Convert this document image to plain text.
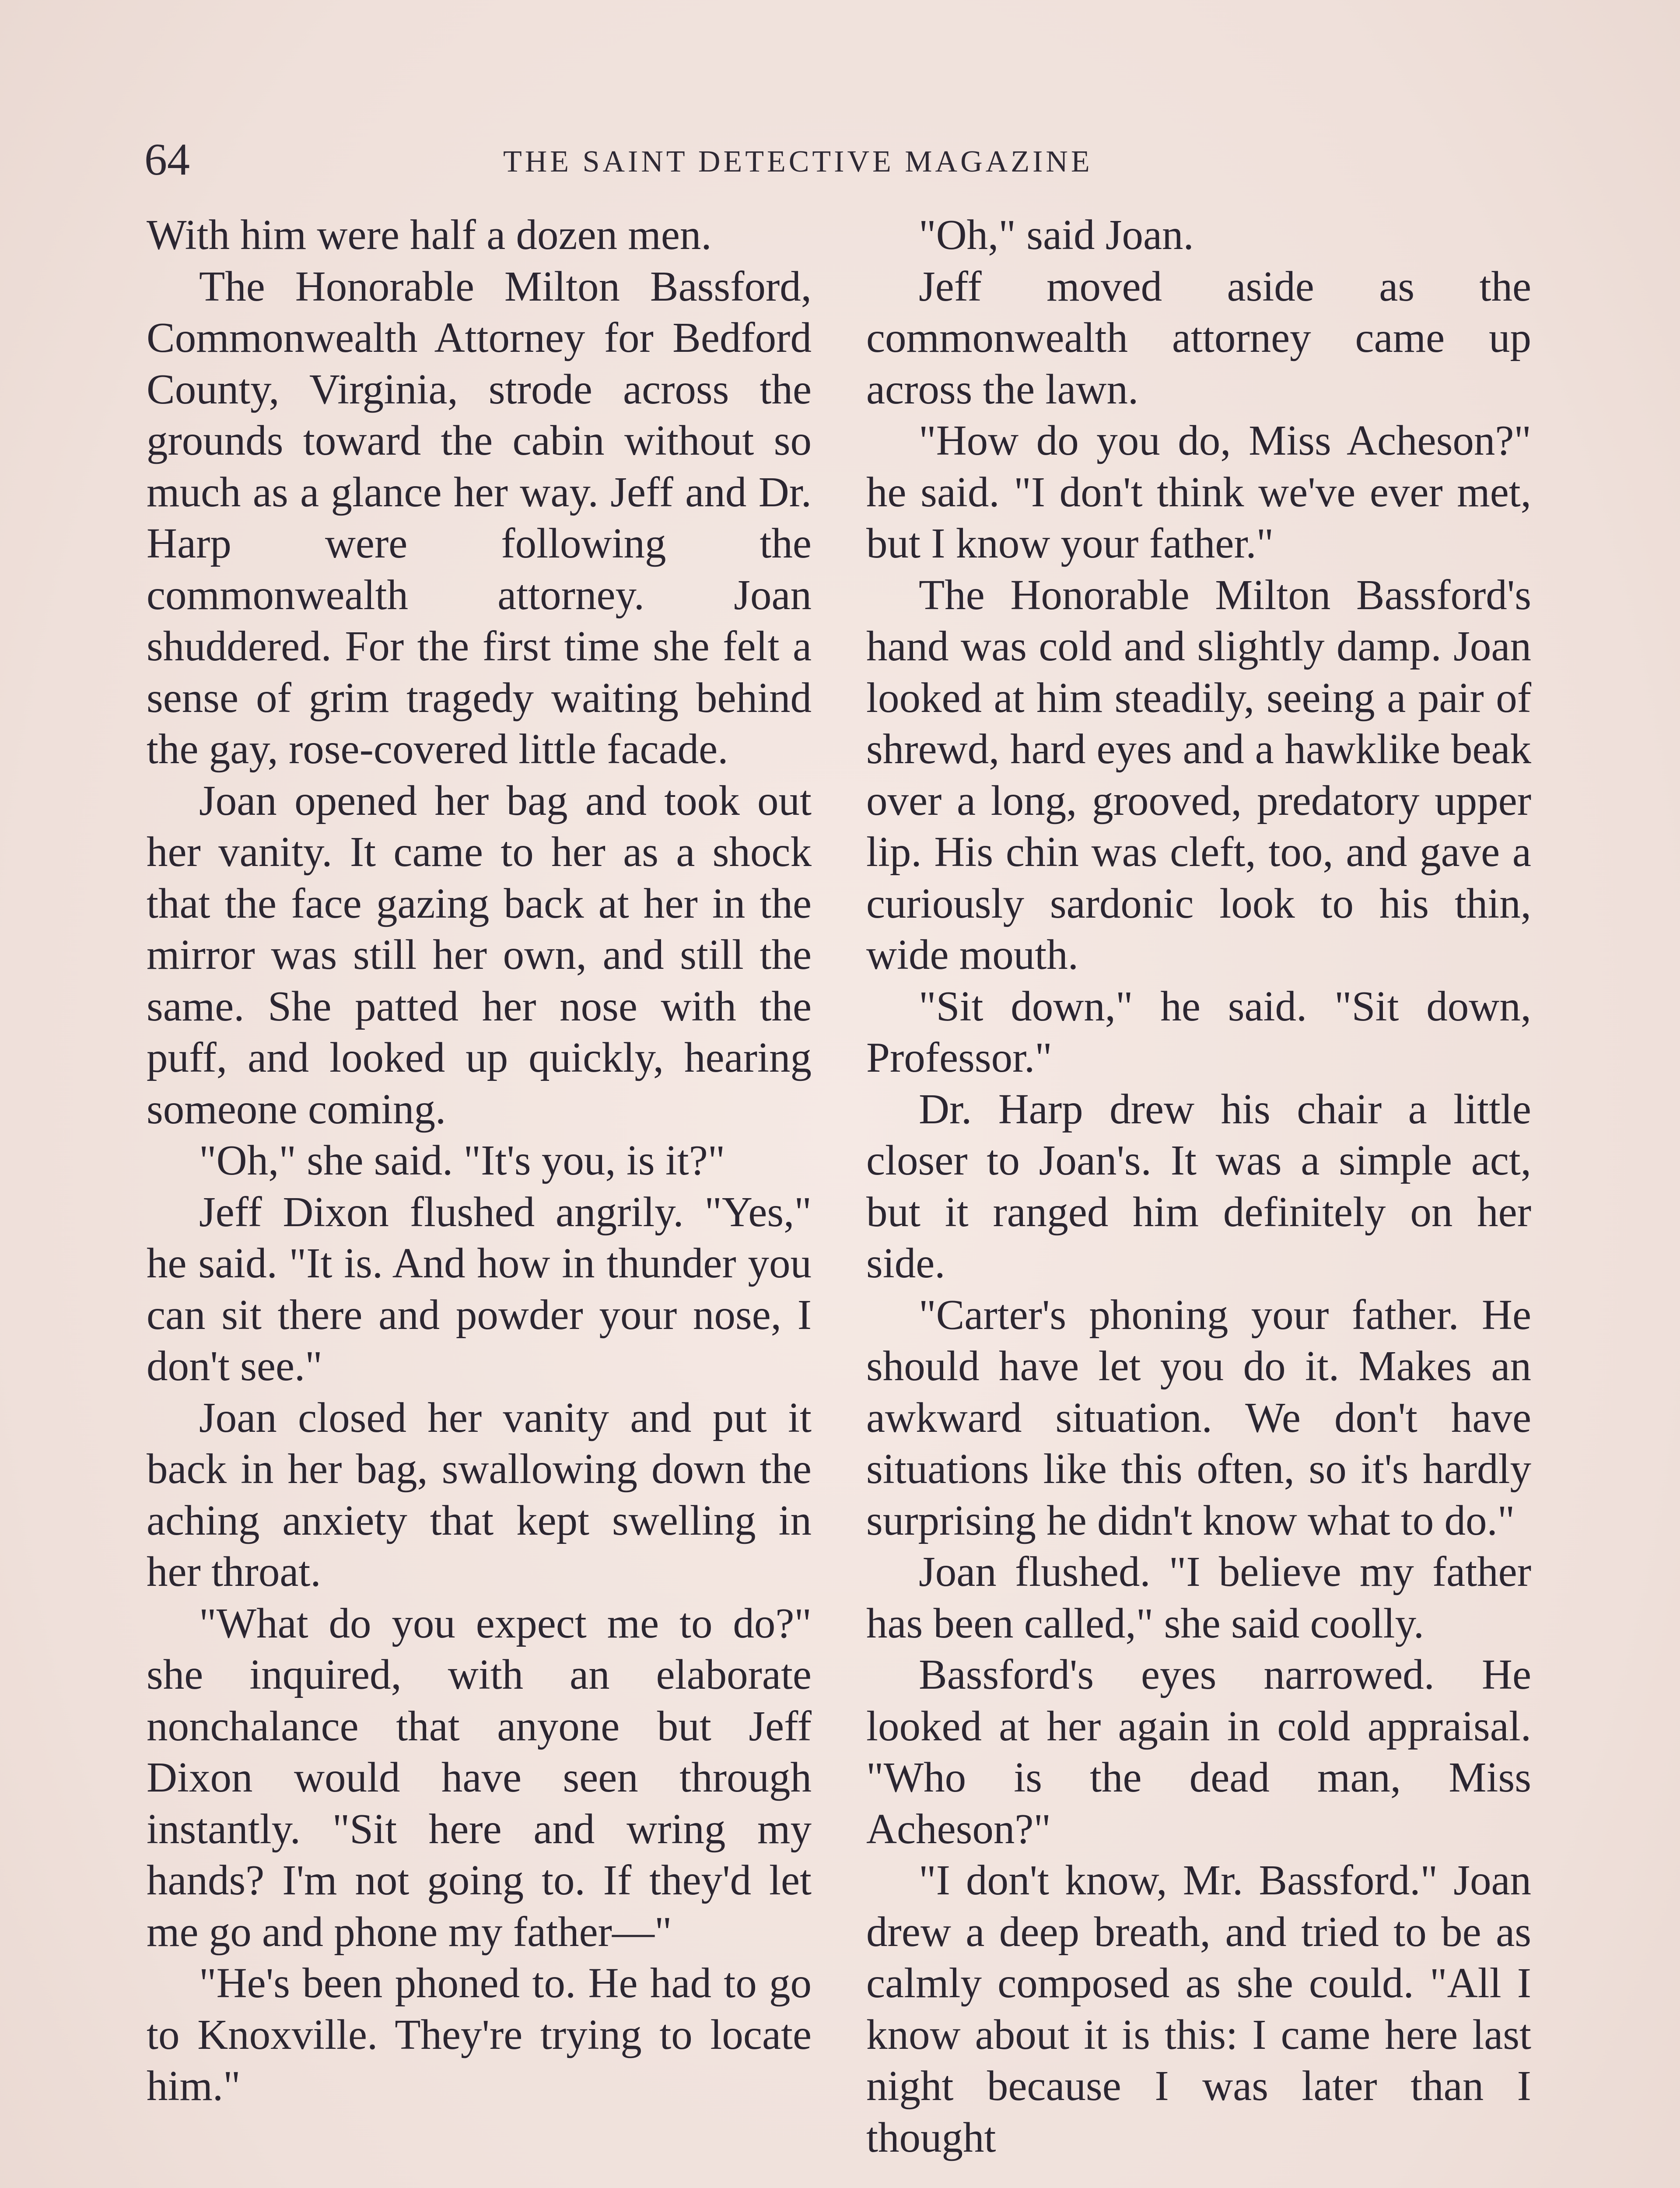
64	THE SAINT DETECTIVE MAGAZINE

With him were half a dozen men.

The Honorable Milton Bassford, Commonwealth Attorney for Bedford County, Virginia, strode across the grounds toward the cabin without so much as a glance her way. Jeff and Dr. Harp were following the commonwealth attorney. Joan shuddered. For the first time she felt a sense of grim tragedy waiting behind the gay, rose-covered little facade.

Joan opened her bag and took out her vanity. It came to her as a shock that the face gazing back at her in the mirror was still her own, and still the same. She patted her nose with the puff, and looked up quickly, hearing someone coming.

"Oh," she said. "It's you, is it?"

Jeff Dixon flushed angrily. "Yes," he said. "It is. And how in thunder you can sit there and powder your nose, I don't see."

Joan closed her vanity and put it back in her bag, swallowing down the aching anxiety that kept swelling in her throat.

"What do you expect me to do?" she inquired, with an elaborate nonchalance that anyone but Jeff Dixon would have seen through instantly. "Sit here and wring my hands? I'm not going to. If they'd let me go and phone my father—"

"He's been phoned to. He had to go to Knoxville. They're trying to locate him."

"Oh," said Joan.

Jeff moved aside as the commonwealth attorney came up across the lawn.

"How do you do, Miss Acheson?" he said. "I don't think we've ever met, but I know your father."

The Honorable Milton Bassford's hand was cold and slightly damp. Joan looked at him steadily, seeing a pair of shrewd, hard eyes and a hawklike beak over a long, grooved, predatory upper lip. His chin was cleft, too, and gave a curiously sardonic look to his thin, wide mouth.

"Sit down," he said. "Sit down, Professor."

Dr. Harp drew his chair a little closer to Joan's. It was a simple act, but it ranged him definitely on her side.

"Carter's phoning your father. He should have let you do it. Makes an awkward situation. We don't have situations like this often, so it's hardly surprising he didn't know what to do."

Joan flushed. "I believe my father has been called," she said coolly.

Bassford's eyes narrowed. He looked at her again in cold appraisal. "Who is the dead man, Miss Acheson?"

"I don't know, Mr. Bassford." Joan drew a deep breath, and tried to be as calmly composed as she could. "All I know about it is this: I came here last night because I was later than I thought
